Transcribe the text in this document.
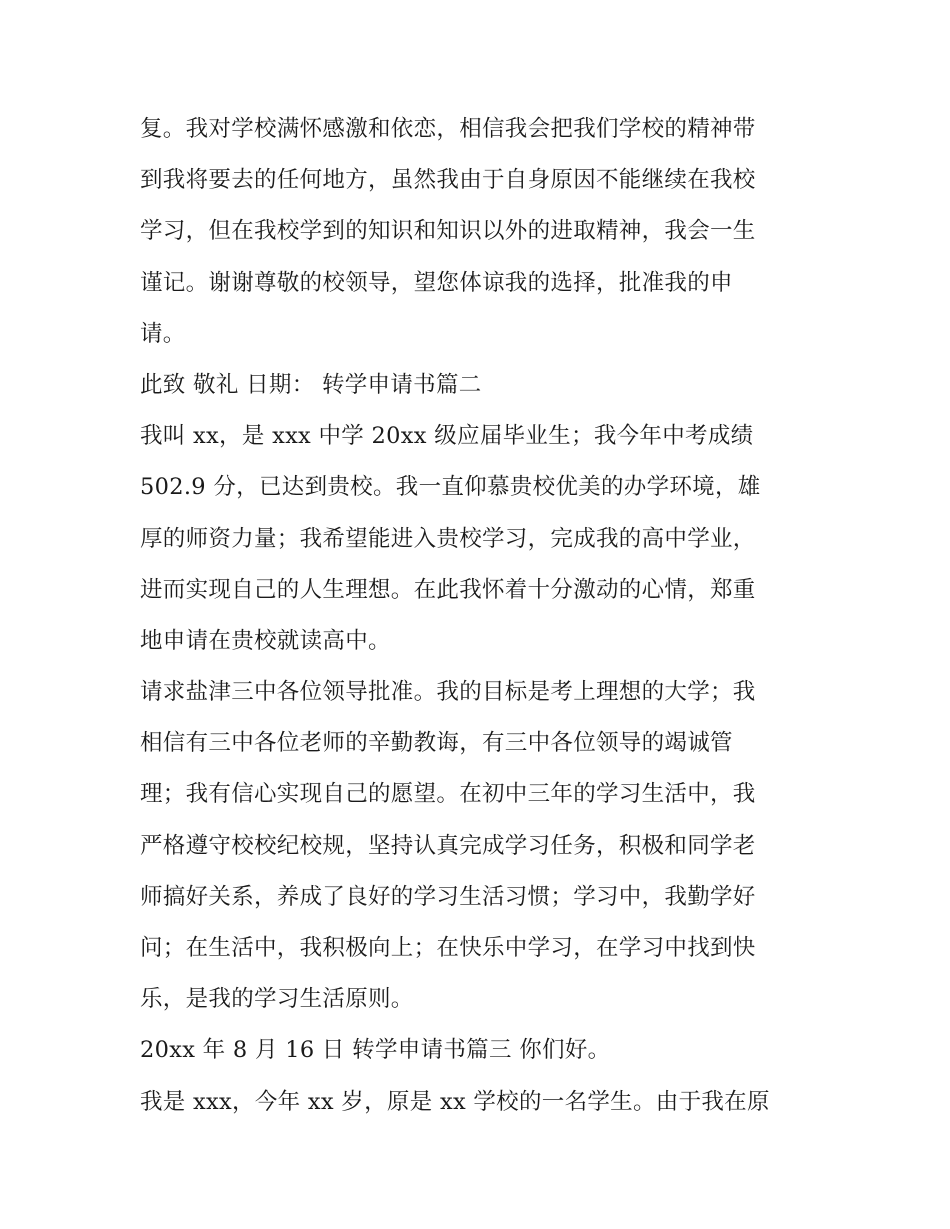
复。我对学校满怀感激和依恋，相信我会把我们学校的精神带
到我将要去的任何地方，虽然我由于自身原因不能继续在我校
学习，但在我校学到的知识和知识以外的进取精神，我会一生
谨记。谢谢尊敬的校领导，望您体谅我的选择，批准我的申
请。
此致 敬礼 日期： 转学申请书篇二
我叫 xx，是 xxx 中学 20xx 级应届毕业生；我今年中考成绩
502.9 分，已达到贵校。我一直仰慕贵校优美的办学环境，雄
厚的师资力量；我希望能进入贵校学习，完成我的高中学业，
进而实现自己的人生理想。在此我怀着十分激动的心情，郑重
地申请在贵校就读高中。
请求盐津三中各位领导批准。我的目标是考上理想的大学；我
相信有三中各位老师的辛勤教诲，有三中各位领导的竭诚管
理；我有信心实现自己的愿望。在初中三年的学习生活中，我
严格遵守校校纪校规，坚持认真完成学习任务，积极和同学老
师搞好关系，养成了良好的学习生活习惯；学习中，我勤学好
问；在生活中，我积极向上；在快乐中学习，在学习中找到快
乐，是我的学习生活原则。
20xx 年 8 月 16 日 转学申请书篇三 你们好。
我是 xxx，今年 xx 岁，原是 xx 学校的一名学生。由于我在原
